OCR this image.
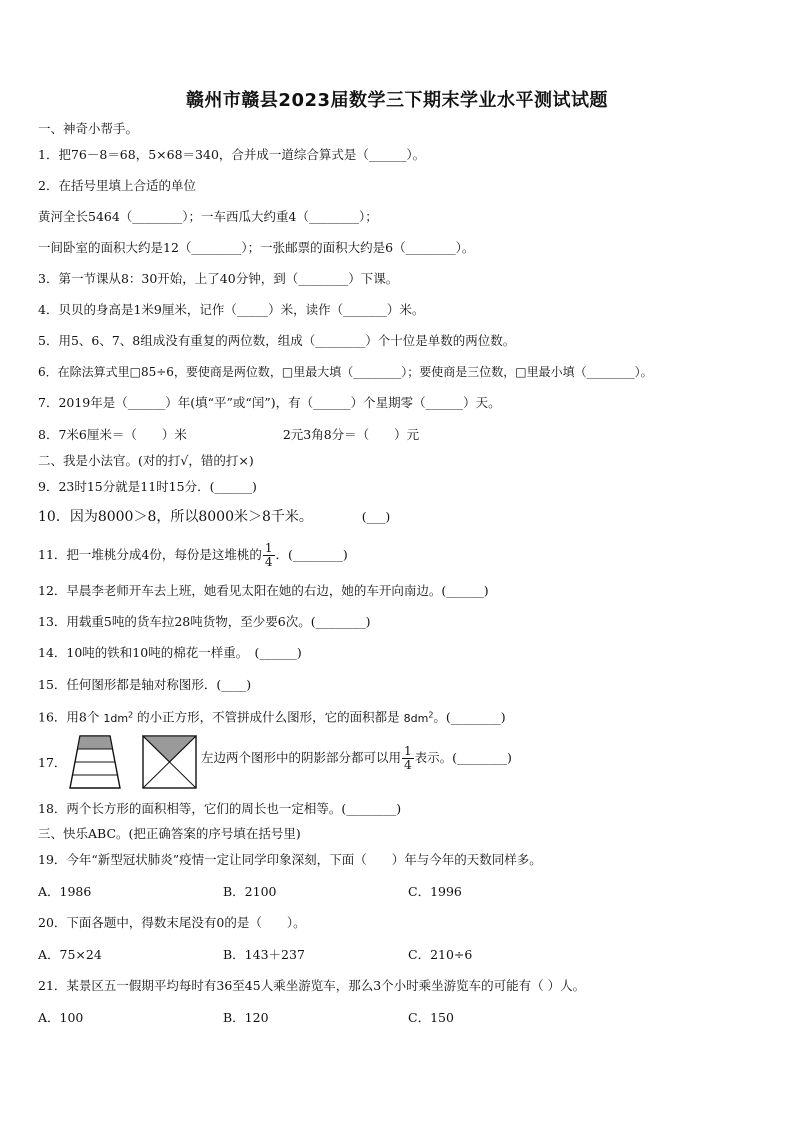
赣州市赣县2023届数学三下期末学业水平测试试题
一、神奇小帮手。
1．把76－8＝68，5×68＝340，合并成一道综合算式是（______）。
2．在括号里填上合适的单位
黄河全长5464（________）；一车西瓜大约重4（________）；
一间卧室的面积大约是12（________）；一张邮票的面积大约是6（________）。
3．第一节课从8：30开始，上了40分钟，到（________）下课。
4．贝贝的身高是1米9厘米，记作（_____）米，读作（_______）米。
5．用5、6、7、8组成没有重复的两位数，组成（________）个十位是单数的两位数。
6．在除法算式里□85÷6，要使商是两位数，□里最大填（________）；要使商是三位数，□里最小填（________）。
7．2019年是（______）年(填“平”或“闰”)，有（______）个星期零（______）天。
8．7米6厘米＝（　　）米	2元3角8分＝（　　）元
二、我是小法官。(对的打√，错的打×)
9．23时15分就是11时15分．(______)
10．因为8000＞8，所以8000米＞8千米。	(___)
11．把一堆桃分成4份，每份是这堆桃的 $\frac{1}{4}$ ．(________)
12．早晨李老师开车去上班，她看见太阳在她的右边，她的车开向南边。(______)
13．用载重5吨的货车拉28吨货物，至少要6次。(________)
14．10吨的铁和10吨的棉花一样重。　(______)
15．任何图形都是轴对称图形．(____)
16．用8个 $1dm^2$ 的小正方形，不管拼成什么图形，它的面积都是 $8dm^2$。(________)
17．	左边两个图形中的阴影部分都可以用 $\frac{1}{4}$ 表示。(________)
18．两个长方形的面积相等，它们的周长也一定相等。(________)
三、快乐ABC。(把正确答案的序号填在括号里)
19．今年“新型冠状肺炎”疫情一定让同学印象深刻，下面（　　）年与今年的天数同样多。
A．1986	B．2100	C．1996
20．下面各题中，得数末尾没有0的是（　　）。
A．75×24	B．143＋237	C．210÷6
21．某景区五一假期平均每时有36至45人乘坐游览车，那么3个小时乘坐游览车的可能有（ ）人。
A．100	B．120	C．150
